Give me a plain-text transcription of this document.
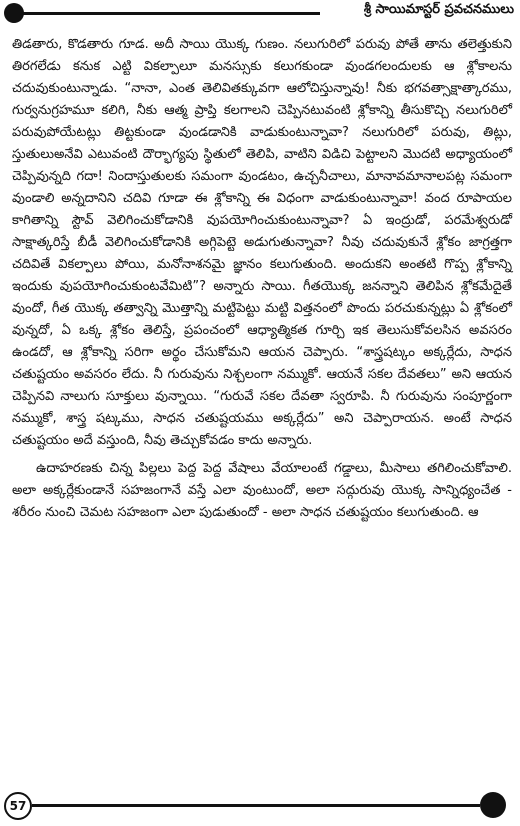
శ్రీ సాయిమాస్టర్ ప్రవచనములు

తిడతారు, కొడతారు గూడ. అదీ సాయి యొక్క గుణం. నలుగురిలో పరువు పోతే తాను తలెత్తుకుని తిరగలేడు కనుక ఎట్టి వికల్పాలూ మనస్సుకు కలుగకుండా వుండగలందులకు ఆ శ్లోకాలను చదువుకుంటున్నాడు. “నానా, ఎంత తెలివితక్కువగా ఆలోచిస్తున్నావు! నీకు భగవత్సాక్షాత్కారము, గుర్వనుగ్రహమూ కలిగి, నీకు ఆత్మ ప్రాప్తి కలగాలని చెప్పినటువంటి శ్లోకాన్ని తీసుకొచ్చి నలుగురిలో పరువుపోయేటట్లు తిట్టకుండా వుండడానికి వాడుకుంటున్నావా? నలుగురిలో పరువు, తిట్లు, స్తుతులుఅనేవి ఎటువంటి దౌర్భాగ్యపు స్థితులో తెలిపి, వాటిని విడిచి పెట్టాలని మొదటి అధ్యాయంలో చెప్పివున్నది గదా! నిందాస్తుతులకు సమంగా వుండటం, ఉచ్చనీచాలు, మానావమానాలపట్ల సమంగా వుండాలి అన్నదానిని చదివి గూడా ఈ శ్లోకాన్ని ఈ విధంగా వాడుకుంటున్నావా! వంద రూపాయల కాగితాన్ని స్టౌవ్ వెలిగించుకోడానికి వుపయోగించుకుంటున్నావా? ఏ ఇంద్రుడో, పరమేశ్వరుడో సాక్షాత్కరిస్తే బీడీ వెలిగించుకోడానికి అగ్గిపెట్టె అడుగుతున్నావా? నీవు చదువుకునే శ్లోకం జాగ్రత్తగా చదివితే వికల్పాలు పోయి, మనోనాశనమై జ్ఞానం కలుగుతుంది. అందుకని అంతటి గొప్ప శ్లోకాన్ని ఇందుకు వుపయోగించుకుంటవేమిటి”? అన్నారు సాయి. గీతయొక్క జనన్నాని తెలిపిన శ్లోకమేదైతే వుందో, గీత యొక్క తత్వాన్ని మొత్తాన్ని మట్టిపెట్టు మట్టి విత్తనంలో పొందు పరచుకున్నట్లు ఏ శ్లోకంలో వున్నదో, ఏ ఒక్క శ్లోకం తెలిస్తే, ప్రపంచంలో ఆధ్యాత్మికత గూర్చి ఇక తెలుసుకోవలసిన అవసరం ఉండదో, ఆ శ్లోకాన్ని సరిగా అర్థం చేసుకోమని ఆయన చెప్పారు. “శాస్త్రషట్కం అక్కర్లేదు, సాధన చతుష్టయం అవసరం లేదు. నీ గురువును నిశ్చలంగా నమ్ముకో. ఆయనే సకల దేవతలు” అని ఆయన చెప్పినవి నాలుగు సూక్తులు వున్నాయి. “గురువే సకల దేవతా స్వరూపి. నీ గురువును సంపూర్ణంగా నమ్ముకో, శాస్త్ర షట్కము, సాధన చతుష్టయము అక్కర్లేదు” అని చెప్పారాయన. అంటే సాధన చతుష్టయం అదే వస్తుంది, నీవు తెచ్చుకోవడం కాదు అన్నారు.

ఉదాహరణకు చిన్న పిల్లలు పెద్ద పెద్ద వేషాలు వేయాలంటే గడ్డాలు, మీసాలు తగిలించుకోవాలి. అలా అక్కర్లేకుండానే సహజంగానే వస్తే ఎలా వుంటుందో, అలా సద్గురువు యొక్క సాన్నిధ్యంచేత - శరీరం నుంచి చెమట సహజంగా ఎలా పుడుతుందో - అలా సాధన చతుష్టయం కలుగుతుంది. ఆ

57
